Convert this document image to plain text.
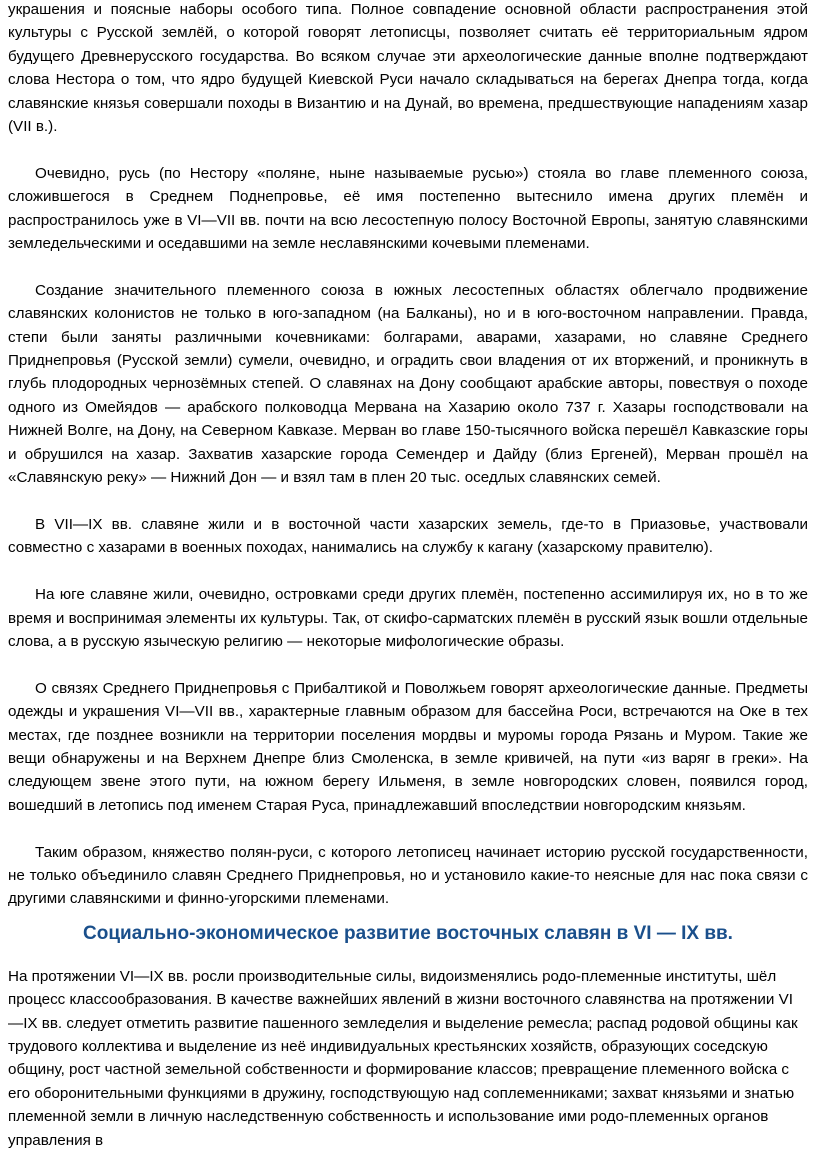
украшения и поясные наборы особого типа. Полное совпадение основной области распространения этой культуры с Русской землёй, о которой говорят летописцы, позволяет считать её территориальным ядром будущего Древнерусского государства. Во всяком случае эти археологические данные вполне подтверждают слова Нестора о том, что ядро будущей Киевской Руси начало складываться на берегах Днепра тогда, когда славянские князья совершали походы в Византию и на Дунай, во времена, предшествующие нападениям хазар (VII в.).

Очевидно, русь (по Нестору «поляне, ныне называемые русью») стояла во главе племенного союза, сложившегося в Среднем Поднепровье, её имя постепенно вытеснило имена других племён и распространилось уже в VI—VII вв. почти на всю лесостепную полосу Восточной Европы, занятую славянскими земледельческими и оседавшими на земле неславянскими кочевыми племенами.

Создание значительного племенного союза в южных лесостепных областях облегчало продвижение славянских колонистов не только в юго-западном (на Балканы), но и в юго-восточном направлении. Правда, степи были заняты различными кочевниками: болгарами, аварами, хазарами, но славяне Среднего Приднепровья (Русской земли) сумели, очевидно, и оградить свои владения от их вторжений, и проникнуть в глубь плодородных чернозёмных степей. О славянах на Дону сообщают арабские авторы, повествуя о походе одного из Омейядов — арабского полководца Мервана на Хазарию около 737 г. Хазары господствовали на Нижней Волге, на Дону, на Северном Кавказе. Мерван во главе 150-тысячного войска перешёл Кавказские горы и обрушился на хазар. Захватив хазарские города Семендер и Дайду (близ Ергеней), Мерван прошёл на «Славянскую реку» — Нижний Дон — и взял там в плен 20 тыс. оседлых славянских семей.

В VII—IX вв. славяне жили и в восточной части хазарских земель, где-то в Приазовье, участвовали совместно с хазарами в военных походах, нанимались на службу к кагану (хазарскому правителю).

На юге славяне жили, очевидно, островками среди других племён, постепенно ассимилируя их, но в то же время и воспринимая элементы их культуры. Так, от скифо-сарматских племён в русский язык вошли отдельные слова, а в русскую языческую религию — некоторые мифологические образы.

О связях Среднего Приднепровья с Прибалтикой и Поволжьем говорят археологические данные. Предметы одежды и украшения VI—VII вв., характерные главным образом для бассейна Роси, встречаются на Оке в тех местах, где позднее возникли на территории поселения мордвы и муромы города Рязань и Муром. Такие же вещи обнаружены и на Верхнем Днепре близ Смоленска, в земле кривичей, на пути «из варяг в греки». На следующем звене этого пути, на южном берегу Ильменя, в земле новгородских словен, появился город, вошедший в летопись под именем Старая Руса, принадлежавший впоследствии новгородским князьям.

Таким образом, княжество полян-руси, с которого летописец начинает историю русской государственности, не только объединило славян Среднего Приднепровья, но и установило какие-то неясные для нас пока связи с другими славянскими и финно-угорскими племенами.

Социально-экономическое развитие восточных славян в VI — IX вв.

На протяжении VI—IX вв. росли производительные силы, видоизменялись родо-племенные институты, шёл процесс классообразования. В качестве важнейших явлений в жизни восточного славянства на протяжении VI—IX вв. следует отметить развитие пашенного земледелия и выделение ремесла; распад родовой общины как трудового коллектива и выделение из неё индивидуальных крестьянских хозяйств, образующих соседскую общину, рост частной земельной собственности и формирование классов; превращение племенного войска с его оборонительными функциями в дружину, господствующую над соплеменниками; захват князьями и знатью племенной земли в личную наследственную собственность и использование ими родо-племенных органов управления в
